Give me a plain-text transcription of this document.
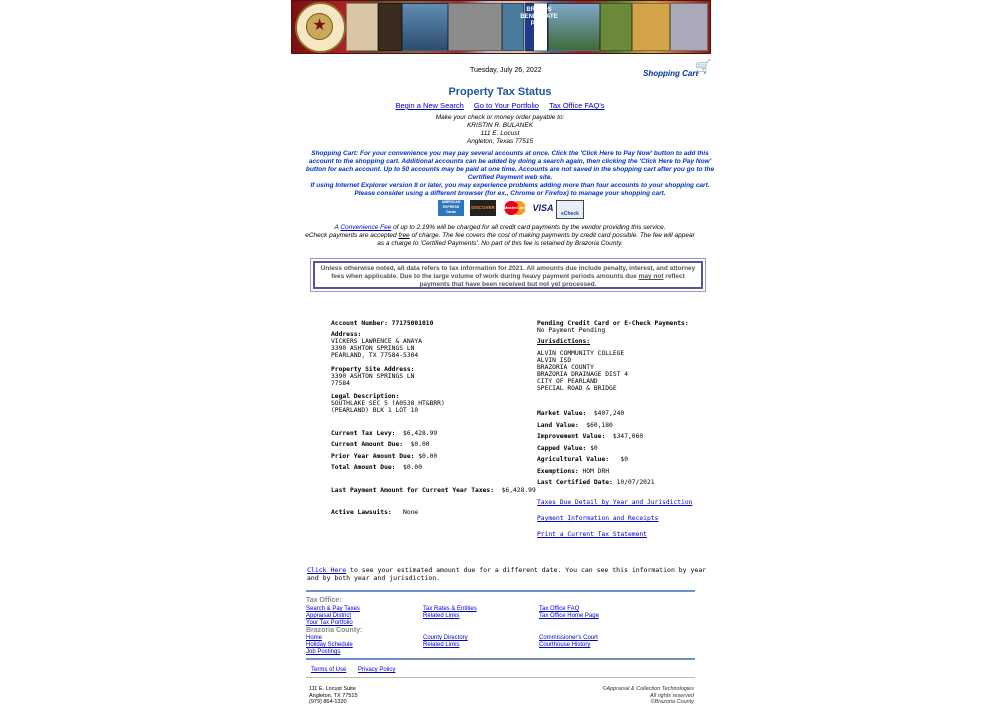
★
BRAZOS BEND STATE PARK
Tuesday, July 26, 2022	Shopping Cart
🛒
Property Tax Status
Begin a New Search Go to Your Portfolio Tax Office FAQ's
Make your check or money order payable to:
KRISTIN R. BULANEK
111 E. Locust
Angleton, Texas 77515
Shopping Cart: For your convenience you may pay several accounts at once. Click the 'Click Here to Pay Now' button to add this account to the shopping cart. Additional accounts can be added by doing a search again, then clicking the 'Click Here to Pay Now' button for each account. Up to 50 accounts may be paid at one time. Accounts are not saved in the shopping cart after you go to the Certified Payment web site.
If using Internet Explorer version 8 or later, you may experience problems adding more than four accounts to your shopping cart. Please consider using a different browser (for ex., Chrome or Firefox) to manage your shopping cart.
AMERICAN EXPRESS Cards
DISCOVER	MasterCard VISA
eCheck
A Convenience Fee of up to 2.19% will be charged for all credit card payments by the vendor providing this service.
eCheck payments are accepted free of charge. The fee covers the cost of making payments by credit card possible. The fee will appear
as a charge to 'Certified Payments'. No part of this fee is retained by Brazoria County.
Unless otherwise noted, all data refers to tax information for 2021. All amounts due include penalty, interest, and attorney fees when applicable. Due to the large volume of work during heavy payment periods amounts due may not reflect payments that have been received but not yet processed.
Account Number: 77175001010
Address:
VICKERS LAWRENCE & ANAYA
3390 ASHTON SPRINGS LN
PEARLAND, TX 77584-5304
Property Site Address:
3390 ASHTON SPRINGS LN
77584
Legal Description:
SOUTHLAKE SEC 5 (A0538 HT&BRR)
(PEARLAND) BLK 1 LOT 10
Current Tax Levy: $6,428.99
Current Amount Due: $0.00
Prior Year Amount Due: $0.00
Total Amount Due: $0.00
Last Payment Amount for Current Year Taxes: $6,428.99
Active Lawsuits: None
Pending Credit Card or E-Check Payments:
No Payment Pending
Jurisdictions:
ALVIN COMMUNITY COLLEGE
ALVIN ISD
BRAZORIA COUNTY
BRAZORIA DRAINAGE DIST 4
CITY OF PEARLAND
SPECIAL ROAD & BRIDGE
Market Value: $407,240
Land Value: $60,180
Improvement Value: $347,060
Capped Value: $0
Agricultural Value: $0
Exemptions: HOM DRH
Last Certified Date: 10/07/2021
Taxes Due Detail by Year and Jurisdiction
Payment Information and Receipts
Print a Current Tax Statement
Click Here to see your estimated amount due for a different date. You can see this information by year and by both year and jurisdiction.
Tax Office:
Search & Pay Taxes
Appraisal District
Your Tax Portfolio
Tax Rates & Entities
Related Links
Tax Office FAQ
Tax Office Home Page
Brazoria County:
Home
Holiday Schedule
Job Postings
County Directory
Related Links
Commissioner's Court
Courthouse History
Terms of Use Privacy Policy
111 E. Locust Suite
Angleton, TX 77515
(979) 864-1320
©Appraisal & Collection Technologies
All rights reserved
©Brazoria County
